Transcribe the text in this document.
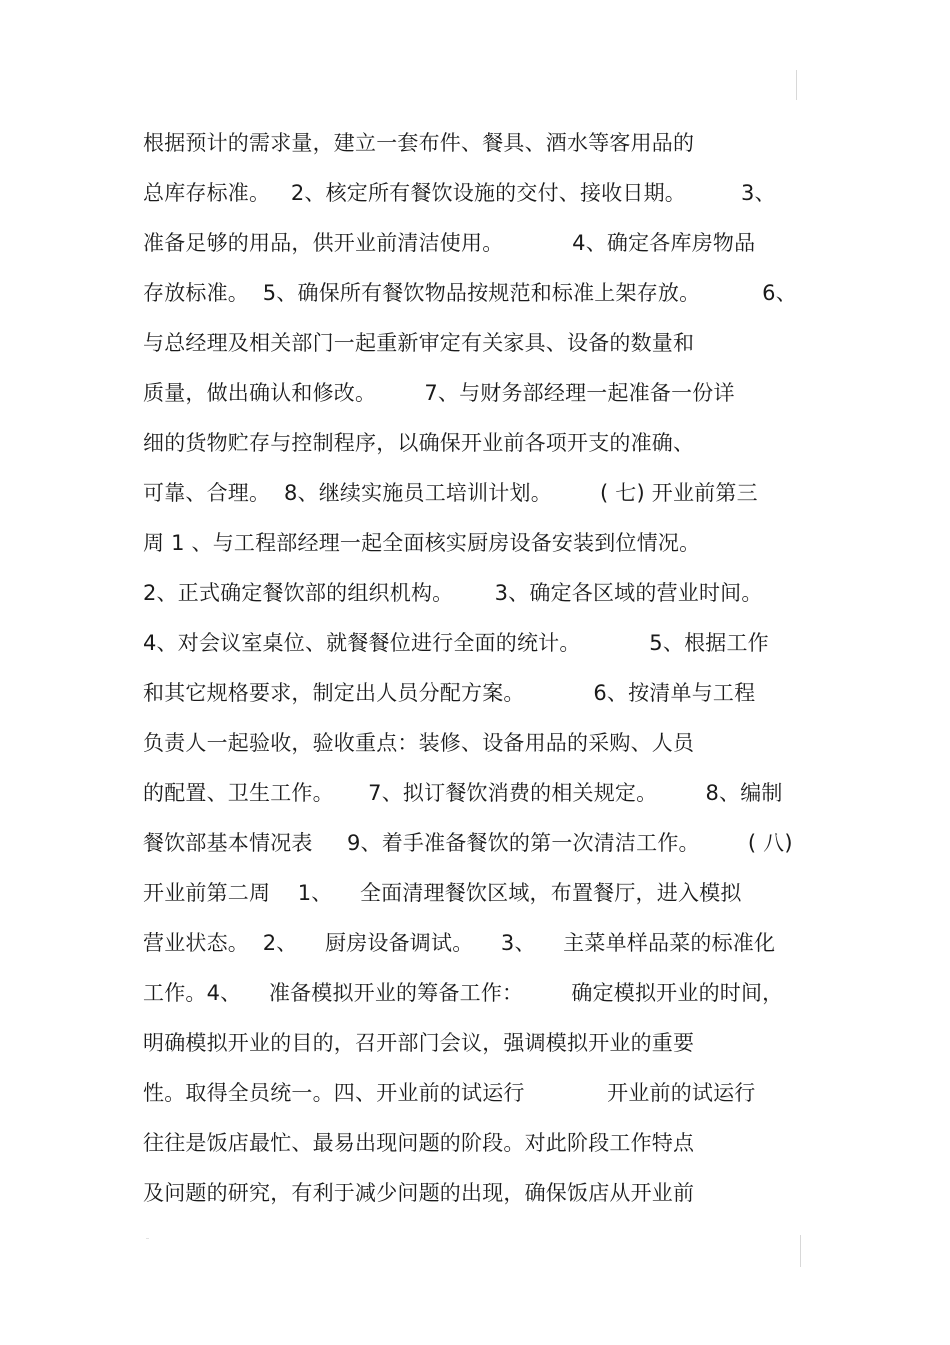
根据预计的需求量，建立一套布件、餐具、酒水等客用品的
总库存标准。   2、核定所有餐饮设施的交付、接收日期。        3、
准备足够的用品，供开业前清洁使用。          4、确定各库房物品
存放标准。  5、确保所有餐饮物品按规范和标准上架存放。         6、
与总经理及相关部门一起重新审定有关家具、设备的数量和
质量，做出确认和修改。       7、与财务部经理一起准备一份详
细的货物贮存与控制程序，以确保开业前各项开支的准确、
可靠、合理。  8、继续实施员工培训计划。       ( 七) 开业前第三
周 1 、与工程部经理一起全面核实厨房设备安装到位情况。
2、正式确定餐饮部的组织机构。      3、确定各区域的营业时间。
4、对会议室桌位、就餐餐位进行全面的统计。          5、根据工作
和其它规格要求，制定出人员分配方案。          6、按清单与工程
负责人一起验收，验收重点：装修、设备用品的采购、人员
的配置、卫生工作。     7、拟订餐饮消费的相关规定。       8、编制
餐饮部基本情况表     9、着手准备餐饮的第一次清洁工作。       ( 八)
开业前第二周    1、    全面清理餐饮区域，布置餐厅，进入模拟
营业状态。  2、    厨房设备调试。    3、    主菜单样品菜的标准化
工作。4、    准备模拟开业的筹备工作：       确定模拟开业的时间，
明确模拟开业的目的，召开部门会议，强调模拟开业的重要
性。取得全员统一。四、开业前的试运行            开业前的试运行
往往是饭店最忙、最易出现问题的阶段。对此阶段工作特点
及问题的研究，有利于减少问题的出现，确保饭店从开业前
